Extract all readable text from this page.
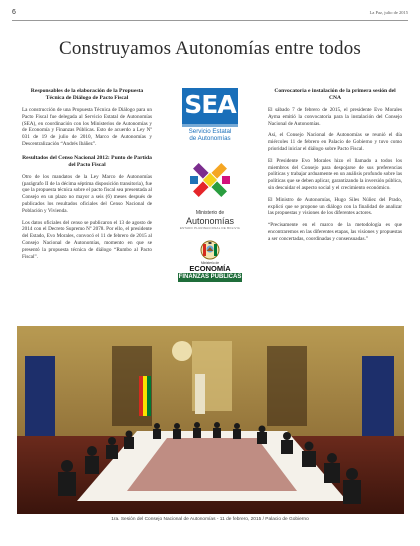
6	La Paz, julio de 2015
Construyamos Autonomías entre todos
Responsables de la elaboración de la Propuesta Técnica de Diálogo de Pacto Fiscal

La construcción de una Propuesta Técnica de Diálogo para un Pacto Fiscal fue delegada al Servicio Estatal de Autonomías (SEA), en coordinación con los Ministerios de Autonomías y de Economía y Finanzas Públicas. Esto de acuerdo a Ley Nº 031 de 19 de julio de 2010, Marco de Autonomías y Descentralización “Andrés Ibáñez”.

Resultados del Censo Nacional 2012: Punto de Partida del Pacto Fiscal

Otro de los mandatos de la Ley Marco de Autonomías (parágrafo II de la décima séptima disposición transitoria), fue que la propuesta técnica sobre el pacto fiscal sea presentada al Consejo en un plazo no mayor a seis (6) meses después de publicados los resultados oficiales del Censo Nacional de Población y Vivienda.

Los datos oficiales del censo se publicaron el 13 de agosto de 2014 con el Decreto Supremo Nº 2078. Por ello, el presidente del Estado, Evo Morales, convocó el 11 de febrero de 2015 al Consejo Nacional de Autonomías, momento en que se presentó la propuesta técnica de diálogo “Rumbo al Pacto Fiscal”.

SEA
Servicio Estatal
de Autonomías
Ministerio de
Autonomías
ESTADO PLURINACIONAL DE BOLIVIA
Ministerio de
ECONOMÍA
FINANZAS PÚBLICAS
Convocatoria e instalación de la primera sesión del CNA

El sábado 7 de febrero de 2015, el presidente Evo Morales Ayma emitió la convocatoria para la instalación del Consejo Nacional de Autonomías.

Así, el Consejo Nacional de Autonomías se reunió el día miércoles 11 de febrero en Palacio de Gobierno y tuvo como prioridad iniciar el diálogo sobre Pacto Fiscal.

El Presidente Evo Morales hizo el llamado a todos los miembros del Consejo para despojarse de sus preferencias políticas y trabajar arduamente en un análisis profundo sobre las políticas que se deben aplicar, garantizando la inversión pública, sin descuidar el aspecto social y el crecimiento económico.

El Ministro de Autonomías, Hugo Siles Núñez del Prado, explicó que se propone un diálogo con la finalidad de analizar las propuestas y visiones de los diferentes actores.

“Precisamente en el marco de la metodología es que encontraremos en las diferentes etapas, las visiones y propuestas a ser concertadas, coordinadas y consensuadas.”

1ra. Sesión del Consejo Nacional de Autonomías - 11 de febrero, 2015 / Palacio de Gobierno
